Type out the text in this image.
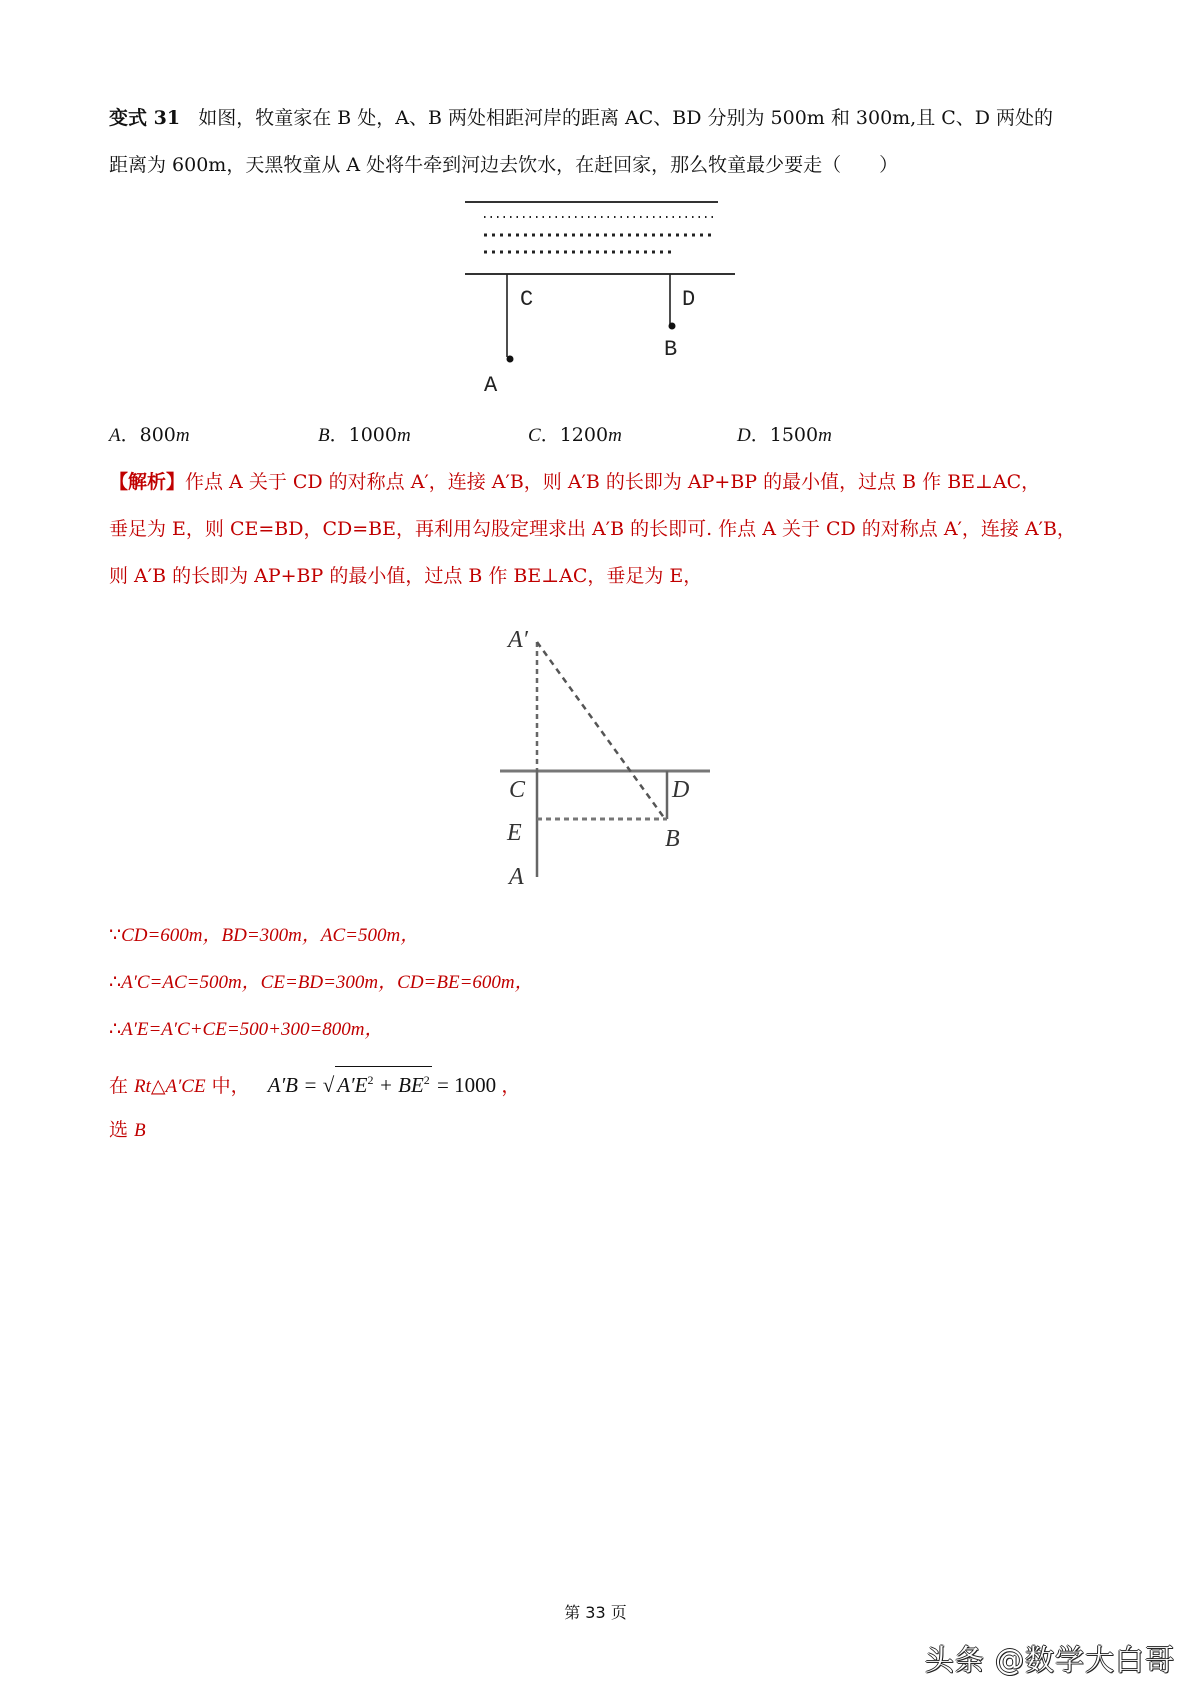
变式 31 如图，牧童家在 B 处，A、B 两处相距河岸的距离 AC、BD 分别为 500m 和 300m,且 C、D 两处的
距离为 600m，天黑牧童从 A 处将牛牵到河边去饮水，在赶回家，那么牧童最少要走（　　）
C	D
B
A
A．800m	B．1000m	C．1200m	D．1500m
【解析】作点 A 关于 CD 的对称点 A′，连接 A′B，则 A′B 的长即为 AP+BP 的最小值，过点 B 作 BE⊥AC，
垂足为 E，则 CE=BD，CD=BE，再利用勾股定理求出 A′B 的长即可. 作点 A 关于 CD 的对称点 A′，连接 A′B，
则 A′B 的长即为 AP+BP 的最小值，过点 B 作 BE⊥AC，垂足为 E，
A′
C	D
E	B
A
∵CD=600m，BD=300m，AC=500m，
∴A′C=AC=500m，CE=BD=300m，CD=BE=600m，
∴A′E=A′C+CE=500+300=800m，
在 Rt△A′CE 中， A′B = √ $A'E^2 + BE^2 = 1000$ ，
选 B
第 33 页
头条 @数学大白哥
